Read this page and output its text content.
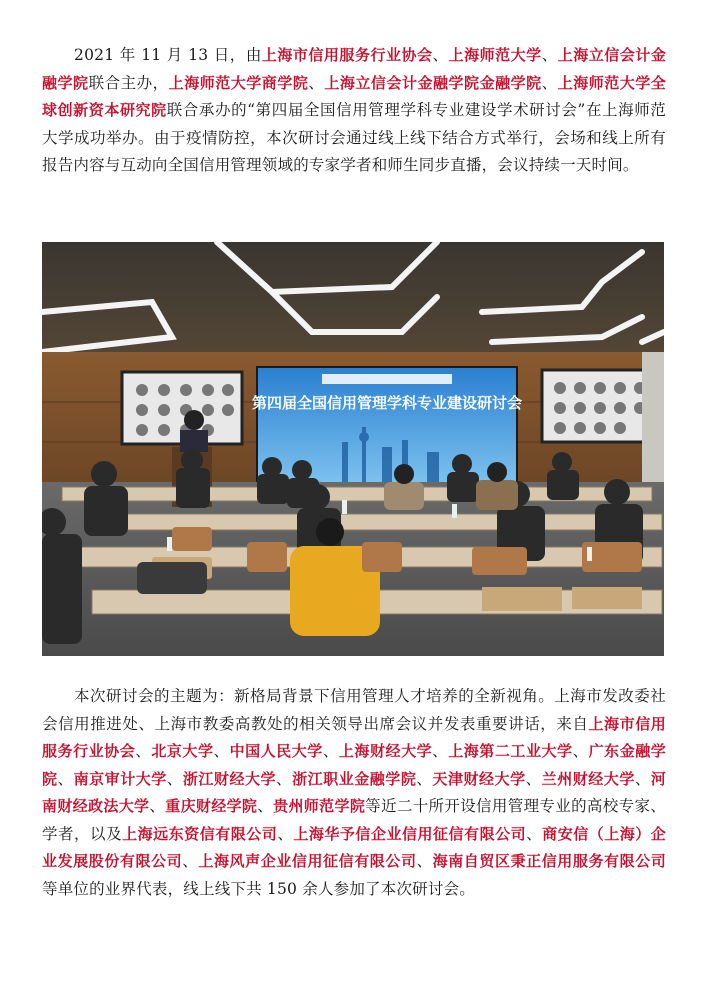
　　2021 年 11 月 13 日，由上海市信用服务行业协会、上海师范大学、上海立信会计金融学院联合主办，上海师范大学商学院、上海立信会计金融学院金融学院、上海师范大学全球创新资本研究院联合承办的“第四届全国信用管理学科专业建设学术研讨会”在上海师范大学成功举办。由于疫情防控，本次研讨会通过线上线下结合方式举行，会场和线上所有报告内容与互动向全国信用管理领域的专家学者和师生同步直播，会议持续一天时间。

第四届全国信用管理学科专业建设研讨会

　　本次研讨会的主题为：新格局背景下信用管理人才培养的全新视角。上海市发改委社会信用推进处、上海市教委高教处的相关领导出席会议并发表重要讲话，来自上海市信用服务行业协会、北京大学、中国人民大学、上海财经大学、上海第二工业大学、广东金融学院、南京审计大学、浙江财经大学、浙江职业金融学院、天津财经大学、兰州财经大学、河南财经政法大学、重庆财经学院、贵州师范学院等近二十所开设信用管理专业的高校专家、学者，以及上海远东资信有限公司、上海华予信企业信用征信有限公司、商安信（上海）企业发展股份有限公司、上海风声企业信用征信有限公司、海南自贸区秉正信用服务有限公司等单位的业界代表，线上线下共 150 余人参加了本次研讨会。
